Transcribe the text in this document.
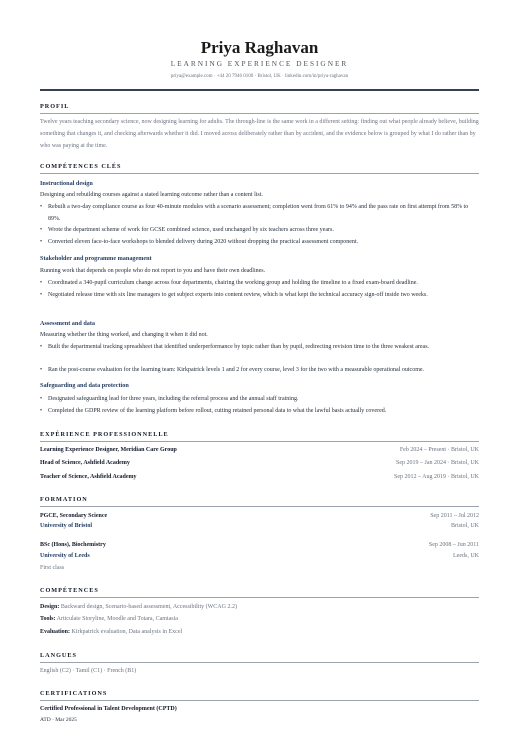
Priya Raghavan
LEARNING EXPERIENCE DESIGNER
priya@example.com · +44 20 7946 0100 · Bristol, UK · linkedin.com/in/priya-raghavan
PROFIL
Twelve years teaching secondary science, now designing learning for adults. The through-line is the same work in a different setting: finding out what people already believe, building something that changes it, and checking afterwards whether it did. I moved across deliberately rather than by accident, and the evidence below is grouped by what I do rather than by who was paying at the time.
COMPÉTENCES CLÉS
Instructional design
Designing and rebuilding courses against a stated learning outcome rather than a content list.
• Rebuilt a two-day compliance course as four 40-minute modules with a scenario assessment; completion went from 61% to 94% and the pass rate on first attempt from 58% to 89%.
• Wrote the department scheme of work for GCSE combined science, used unchanged by six teachers across three years.
• Converted eleven face-to-face workshops to blended delivery during 2020 without dropping the practical assessment component.
Stakeholder and programme management
Running work that depends on people who do not report to you and have their own deadlines.
• Coordinated a 340-pupil curriculum change across four departments, chairing the working group and holding the timeline to a fixed exam-board deadline.
• Negotiated release time with six line managers to get subject experts into content review, which is what kept the technical accuracy sign-off inside two weeks.
Assessment and data
Measuring whether the thing worked, and changing it when it did not.
• Built the departmental tracking spreadsheet that identified underperformance by topic rather than by pupil, redirecting revision time to the three weakest areas.
• Ran the post-course evaluation for the learning team: Kirkpatrick levels 1 and 2 for every course, level 3 for the two with a measurable operational outcome.
Safeguarding and data protection
• Designated safeguarding lead for three years, including the referral process and the annual staff training.
• Completed the GDPR review of the learning platform before rollout, cutting retained personal data to what the lawful basis actually covered.
EXPÉRIENCE PROFESSIONNELLE
Learning Experience Designer, Meridian Care Group	Feb 2024 – Present · Bristol, UK
Head of Science, Ashfield Academy	Sep 2019 – Jan 2024 · Bristol, UK
Teacher of Science, Ashfield Academy	Sep 2012 – Aug 2019 · Bristol, UK
FORMATION
PGCE, Secondary Science	Sep 2011 – Jul 2012
University of Bristol	Bristol, UK
BSc (Hons), Biochemistry	Sep 2008 – Jun 2011
University of Leeds	Leeds, UK
First class
COMPÉTENCES
Design: Backward design, Scenario-based assessment, Accessibility (WCAG 2.2)
Tools: Articulate Storyline, Moodle and Totara, Camtasia
Evaluation: Kirkpatrick evaluation, Data analysis in Excel
LANGUES
English (C2) · Tamil (C1) · French (B1)
CERTIFICATIONS
Certified Professional in Talent Development (CPTD)
ATD · Mar 2025
